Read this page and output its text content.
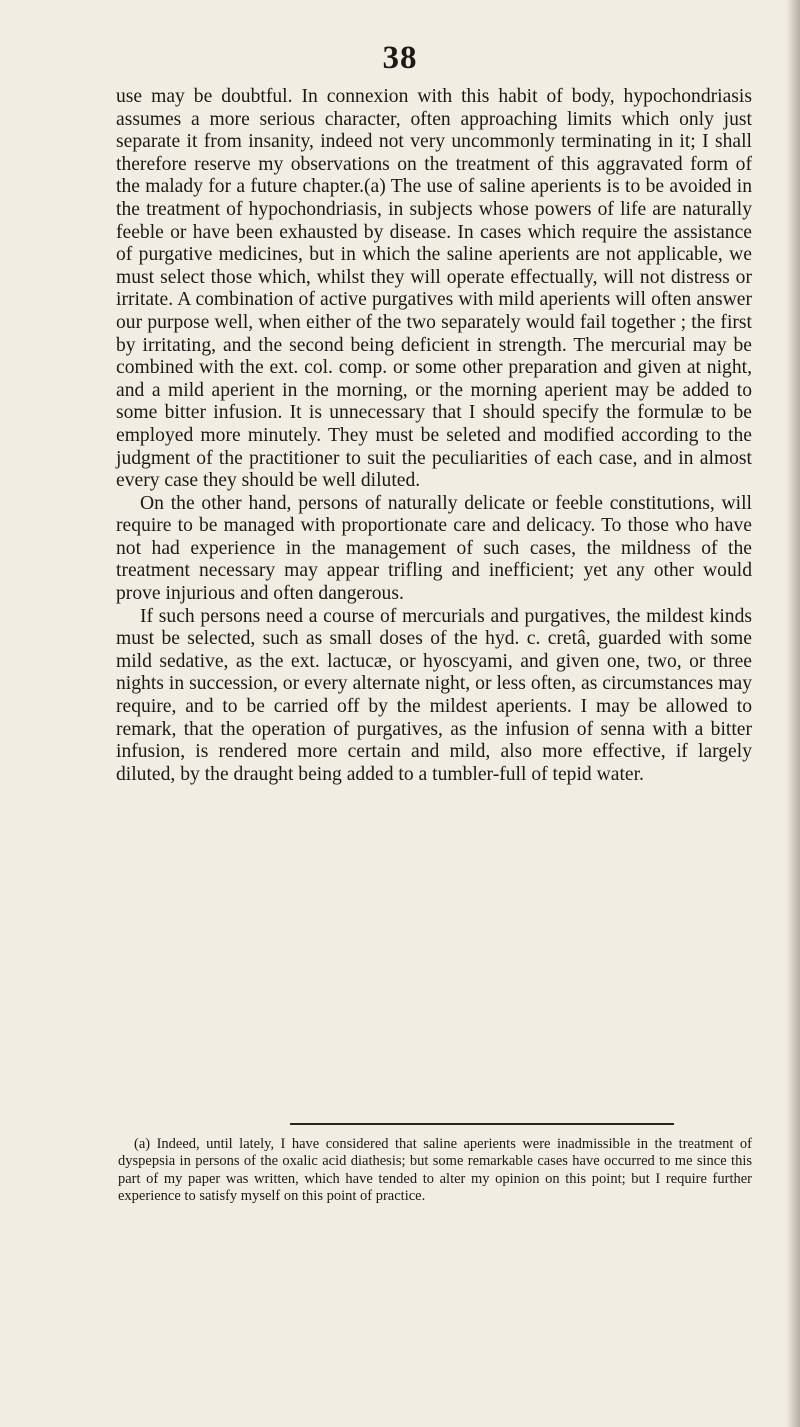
38

use may be doubtful. In connexion with this habit of body, hypochondriasis assumes a more serious character, often approaching limits which only just separate it from insanity, indeed not very uncommonly terminating in it; I shall therefore reserve my observations on the treatment of this aggravated form of the malady for a future chapter.(a) The use of saline aperients is to be avoided in the treatment of hypochondriasis, in subjects whose powers of life are naturally feeble or have been exhausted by disease. In cases which require the assistance of purgative medicines, but in which the saline aperients are not applicable, we must select those which, whilst they will operate effectually, will not distress or irritate. A combination of active purgatives with mild aperients will often answer our purpose well, when either of the two separately would fail together ; the first by irritating, and the second being deficient in strength. The mercurial may be combined with the ext. col. comp. or some other preparation and given at night, and a mild aperient in the morning, or the morning aperient may be added to some bitter infusion. It is unnecessary that I should specify the formulæ to be employed more minutely. They must be seleted and modified according to the judgment of the practitioner to suit the peculiarities of each case, and in almost every case they should be well diluted.

On the other hand, persons of naturally delicate or feeble constitutions, will require to be managed with proportionate care and delicacy. To those who have not had experience in the management of such cases, the mildness of the treatment necessary may appear trifling and inefficient; yet any other would prove injurious and often dangerous.

If such persons need a course of mercurials and purgatives, the mildest kinds must be selected, such as small doses of the hyd. c. cretâ, guarded with some mild sedative, as the ext. lactucæ, or hyoscyami, and given one, two, or three nights in succession, or every alternate night, or less often, as circumstances may require, and to be carried off by the mildest aperients. I may be allowed to remark, that the operation of purgatives, as the infusion of senna with a bitter infusion, is rendered more certain and mild, also more effective, if largely diluted, by the draught being added to a tumbler-full of tepid water.

(a) Indeed, until lately, I have considered that saline aperients were inadmissible in the treatment of dyspepsia in persons of the oxalic acid diathesis; but some remarkable cases have occurred to me since this part of my paper was written, which have tended to alter my opinion on this point; but I require further experience to satisfy myself on this point of practice.
